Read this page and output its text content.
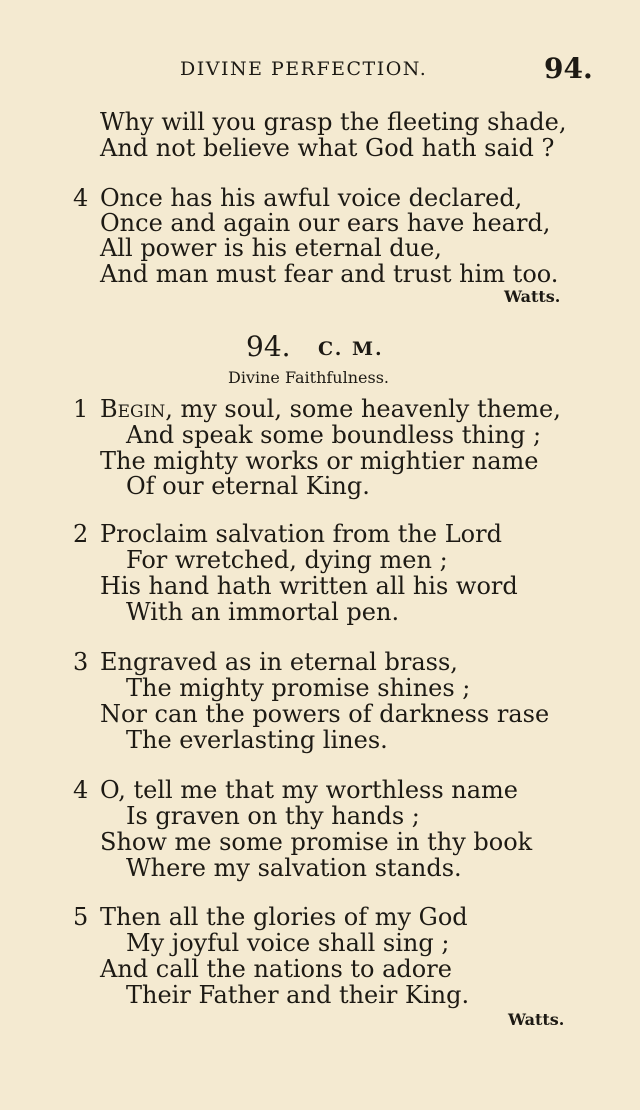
DIVINE PERFECTION.	94.
Why will you grasp the fleeting shade,
And not believe what God hath said ?
4 Once has his awful voice declared,
Once and again our ears have heard,
All power is his eternal due,
And man must fear and trust him too.
Watts.
94. C. M.
Divine Faithfulness.
1 Begin, my soul, some heavenly theme,
And speak some boundless thing ;
The mighty works or mightier name
Of our eternal King.
2 Proclaim salvation from the Lord
For wretched, dying men ;
His hand hath written all his word
With an immortal pen.
3 Engraved as in eternal brass,
The mighty promise shines ;
Nor can the powers of darkness rase
The everlasting lines.
4 O, tell me that my worthless name
Is graven on thy hands ;
Show me some promise in thy book
Where my salvation stands.
5 Then all the glories of my God
My joyful voice shall sing ;
And call the nations to adore
Their Father and their King.
Watts.
